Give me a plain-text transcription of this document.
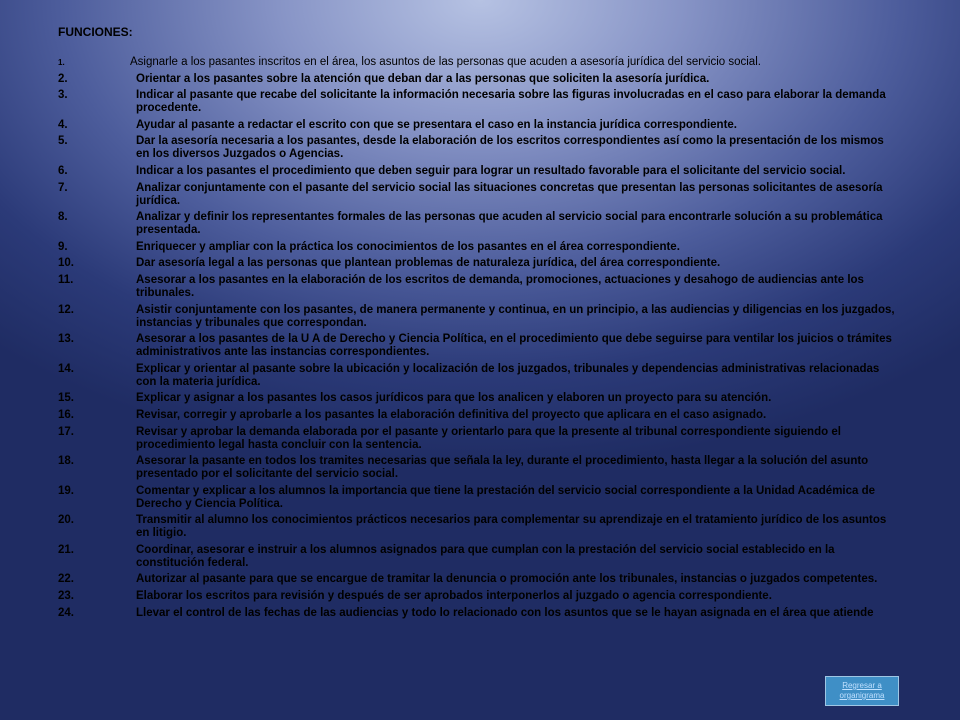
FUNCIONES:
1.	Asignarle a los pasantes inscritos en el área, los asuntos de las personas que acuden a asesoría jurídica del servicio social.
2.	Orientar a los pasantes sobre la atención que deban dar a las personas que soliciten la asesoría jurídica.
3.	Indicar al pasante que recabe del solicitante la información necesaria sobre las figuras involucradas en el caso para elaborar la demanda procedente.
4.	Ayudar al pasante a redactar el escrito con que se presentara el caso en la instancia jurídica correspondiente.
5.	Dar la asesoría necesaria a los pasantes, desde la elaboración de los escritos correspondientes así como la presentación de los mismos en los diversos Juzgados o Agencias.
6.	Indicar a los pasantes el procedimiento que deben seguir para lograr un resultado favorable para el solicitante del servicio social.
7.	Analizar conjuntamente con el pasante del servicio social las situaciones concretas que presentan las personas solicitantes de asesoría jurídica.
8.	Analizar y definir los representantes formales de las personas que acuden al servicio social para encontrarle solución a su problemática presentada.
9.	Enriquecer y ampliar con la práctica los conocimientos de los pasantes en el área correspondiente.
10.	Dar asesoría legal a las personas que plantean problemas de naturaleza jurídica, del área correspondiente.
11.	Asesorar a los pasantes en la elaboración de los escritos de demanda, promociones, actuaciones y desahogo de audiencias ante los tribunales.
12.	Asistir conjuntamente con los pasantes, de manera permanente y continua, en un principio, a las audiencias y diligencias en los juzgados, instancias y tribunales que correspondan.
13.	Asesorar a los pasantes de la U A de Derecho y Ciencia Política, en el procedimiento que debe seguirse para ventilar los juicios o trámites administrativos ante las instancias correspondientes.
14.	Explicar y orientar al pasante sobre la ubicación y localización de los juzgados, tribunales y dependencias administrativas relacionadas con la materia jurídica.
15.	Explicar y asignar a los pasantes los casos jurídicos para que los analicen y elaboren un proyecto para su atención.
16.	Revisar, corregir y aprobarle a los pasantes la elaboración definitiva del proyecto que aplicara en el caso asignado.
17.	Revisar y aprobar la demanda elaborada por el pasante y orientarlo para que la presente al tribunal correspondiente siguiendo el procedimiento legal hasta concluir con la sentencia.
18.	Asesorar la pasante en todos los tramites necesarias que señala la ley, durante el procedimiento, hasta llegar a la solución del asunto presentado por el solicitante del servicio social.
19.	Comentar y explicar a los alumnos la importancia que tiene la prestación del servicio social correspondiente a la Unidad Académica de Derecho y Ciencia Política.
20.	Transmitir al alumno los conocimientos prácticos necesarios para complementar su aprendizaje en el tratamiento jurídico de los asuntos en litigio.
21.	Coordinar, asesorar e instruir a los alumnos asignados para que cumplan con la prestación del servicio social establecido en la constitución federal.
22.	Autorizar al pasante para que se encargue de tramitar la denuncia o promoción ante los tribunales, instancias o juzgados competentes.
23.	Elaborar los escritos para revisión y después de ser aprobados interponerlos al juzgado o agencia correspondiente.
24.	Llevar el control de las fechas de las audiencias y todo lo relacionado con los asuntos que se le hayan asignada en el área que atiende
Regresar a organigrama
